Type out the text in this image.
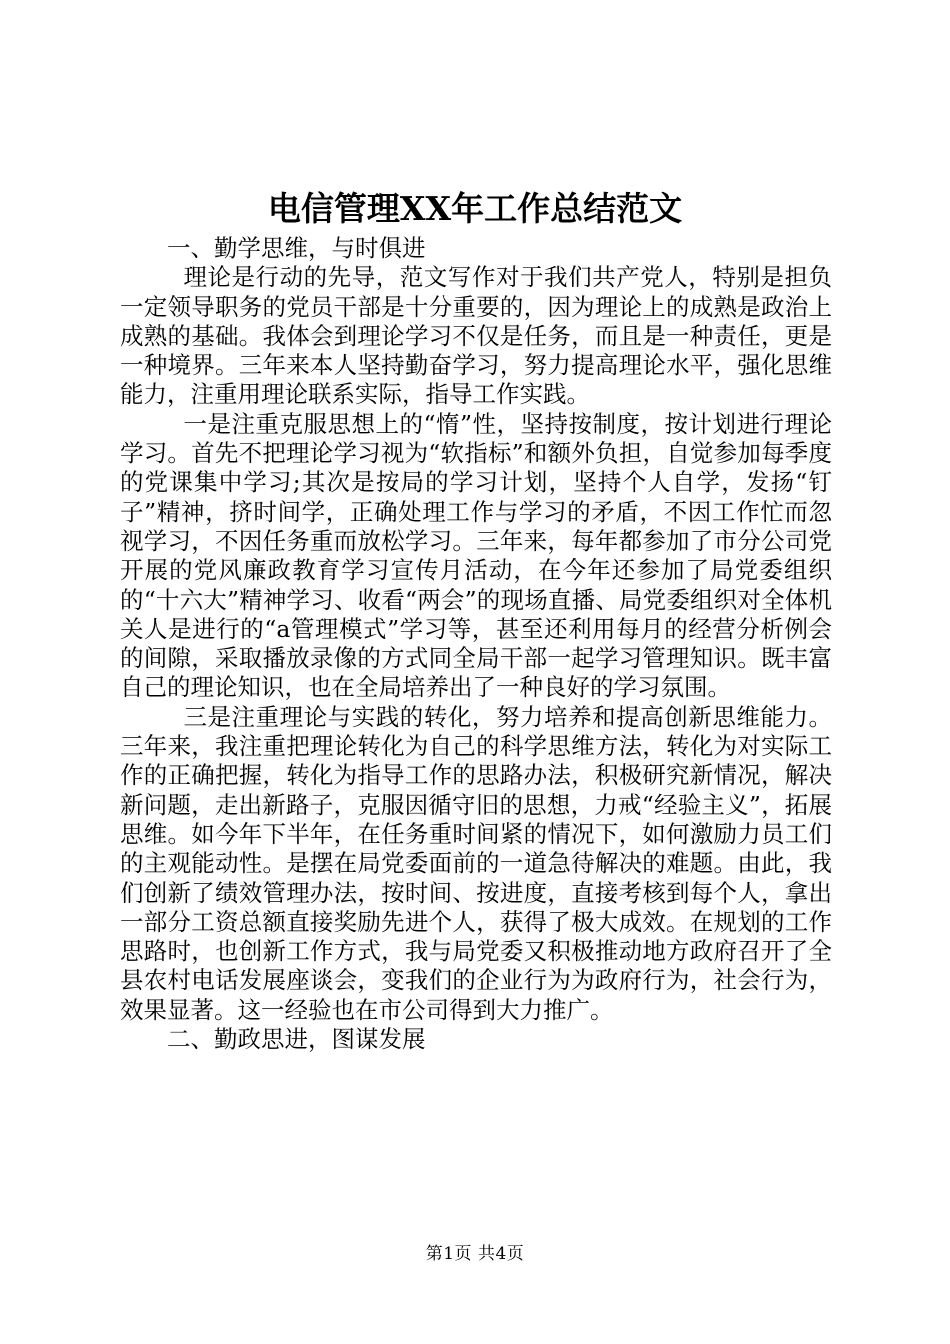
电信管理XX年工作总结范文

一、勤学思维，与时俱进

理论是行动的先导，范文写作对于我们共产党人，特别是担负一定领导职务的党员干部是十分重要的，因为理论上的成熟是政治上成熟的基础。我体会到理论学习不仅是任务，而且是一种责任，更是一种境界。三年来本人坚持勤奋学习，努力提高理论水平，强化思维能力，注重用理论联系实际，指导工作实践。

一是注重克服思想上的“惰”性，坚持按制度，按计划进行理论学习。首先不把理论学习视为“软指标”和额外负担，自觉参加每季度的党课集中学习;其次是按局的学习计划，坚持个人自学，发扬“钉子”精神，挤时间学，正确处理工作与学习的矛盾，不因工作忙而忽视学习，不因任务重而放松学习。三年来，每年都参加了市分公司党开展的党风廉政教育学习宣传月活动，在今年还参加了局党委组织的“十六大”精神学习、收看“两会”的现场直播、局党委组织对全体机关人是进行的“a管理模式”学习等，甚至还利用每月的经营分析例会的间隙，采取播放录像的方式同全局干部一起学习管理知识。既丰富自己的理论知识，也在全局培养出了一种良好的学习氛围。

三是注重理论与实践的转化，努力培养和提高创新思维能力。三年来，我注重把理论转化为自己的科学思维方法，转化为对实际工作的正确把握，转化为指导工作的思路办法，积极研究新情况，解决新问题，走出新路子，克服因循守旧的思想，力戒“经验主义”，拓展思维。如今年下半年，在任务重时间紧的情况下，如何激励力员工们的主观能动性。是摆在局党委面前的一道急待解决的难题。由此，我们创新了绩效管理办法，按时间、按进度，直接考核到每个人，拿出一部分工资总额直接奖励先进个人，获得了极大成效。在规划的工作思路时，也创新工作方式，我与局党委又积极推动地方政府召开了全县农村电话发展座谈会，变我们的企业行为为政府行为，社会行为，效果显著。这一经验也在市公司得到大力推广。

二、勤政思进，图谋发展

第1页 共4页
